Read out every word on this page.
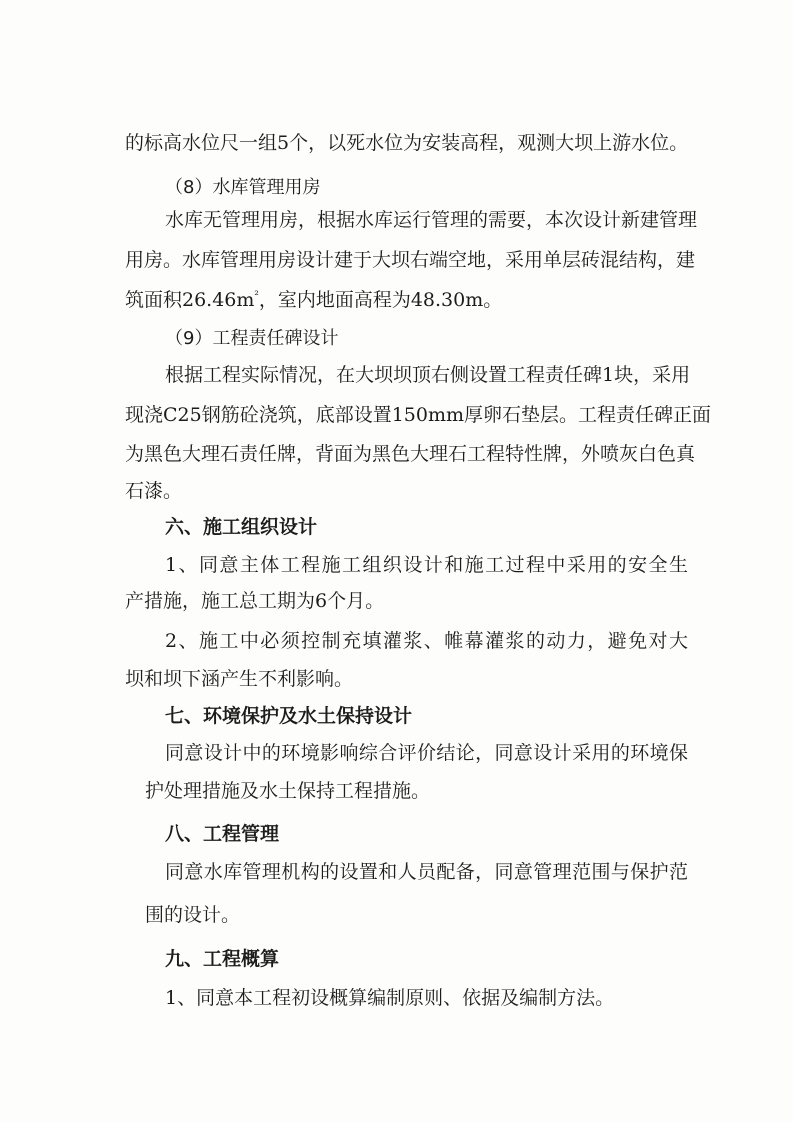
的标高水位尺一组5个，以死水位为安装高程，观测大坝上游水位。

（8）水库管理用房

水库无管理用房，根据水库运行管理的需要，本次设计新建管理

用房。水库管理用房设计建于大坝右端空地，采用单层砖混结构，建

筑面积$26.46m^{^2}$，室内地面高程为48.30m。

（9）工程责任碑设计

根据工程实际情况，在大坝坝顶右侧设置工程责任碑1块，采用

现浇C25钢筋砼浇筑，底部设置150mm厚卵石垫层。工程责任碑正面

为黑色大理石责任牌，背面为黑色大理石工程特性牌，外喷灰白色真

石漆。

六、施工组织设计

1、同意主体工程施工组织设计和施工过程中采用的安全生

产措施，施工总工期为6个月。

2、施工中必须控制充填灌浆、帷幕灌浆的动力，避免对大

坝和坝下涵产生不利影响。

七、环境保护及水土保持设计

同意设计中的环境影响综合评价结论，同意设计采用的环境保

护处理措施及水土保持工程措施。

八、工程管理

同意水库管理机构的设置和人员配备，同意管理范围与保护范

围的设计。

九、工程概算

1、同意本工程初设概算编制原则、依据及编制方法。
